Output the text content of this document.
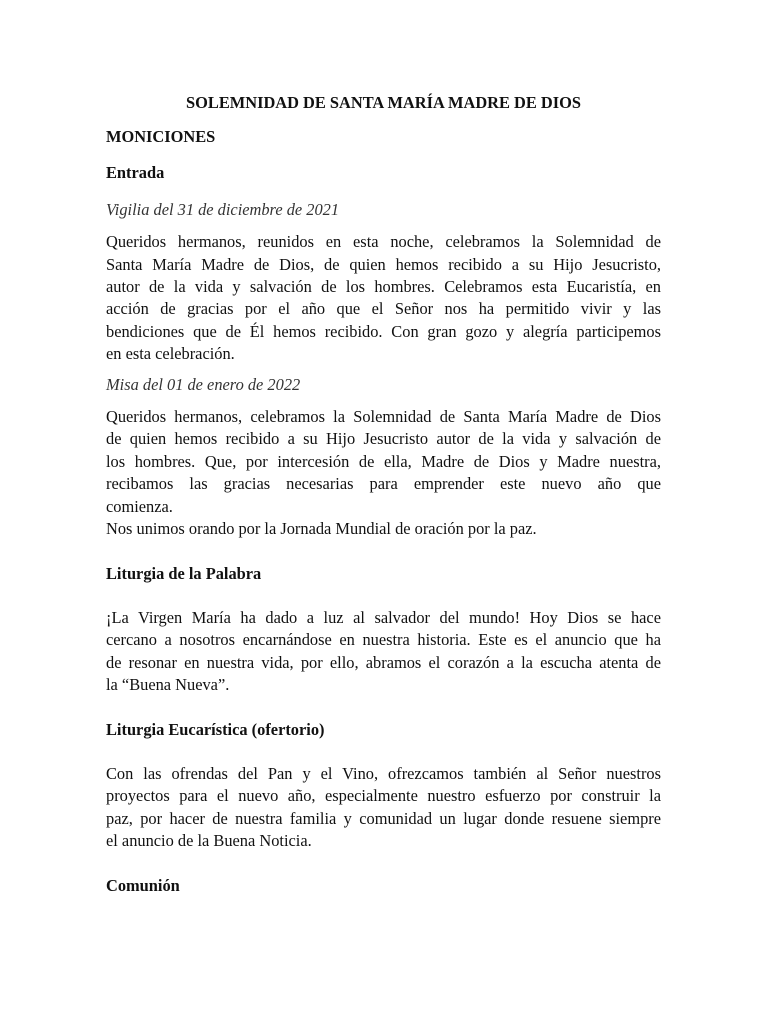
SOLEMNIDAD DE SANTA MARÍA MADRE DE DIOS
MONICIONES
Entrada
Vigilia del 31 de diciembre de 2021
Queridos hermanos, reunidos en esta noche, celebramos la Solemnidad de
Santa María Madre de Dios, de quien hemos recibido a su Hijo Jesucristo,
autor de la vida y salvación de los hombres. Celebramos esta Eucaristía, en
acción de gracias por el año que el Señor nos ha permitido vivir y las
bendiciones que de Él hemos recibido. Con gran gozo y alegría participemos
en esta celebración.
Misa del 01 de enero de 2022
Queridos hermanos, celebramos la Solemnidad de Santa María Madre de Dios
de quien hemos recibido a su Hijo Jesucristo autor de la vida y salvación de
los hombres. Que, por intercesión de ella, Madre de Dios y Madre nuestra,
recibamos las gracias necesarias para emprender este nuevo año que
comienza.
Nos unimos orando por la Jornada Mundial de oración por la paz.
Liturgia de la Palabra
¡La Virgen María ha dado a luz al salvador del mundo! Hoy Dios se hace
cercano a nosotros encarnándose en nuestra historia. Este es el anuncio que ha
de resonar en nuestra vida, por ello, abramos el corazón a la escucha atenta de
la “Buena Nueva”.
Liturgia Eucarística (ofertorio)
Con las ofrendas del Pan y el Vino, ofrezcamos también al Señor nuestros
proyectos para el nuevo año, especialmente nuestro esfuerzo por construir la
paz, por hacer de nuestra familia y comunidad un lugar donde resuene siempre
el anuncio de la Buena Noticia.
Comunión
